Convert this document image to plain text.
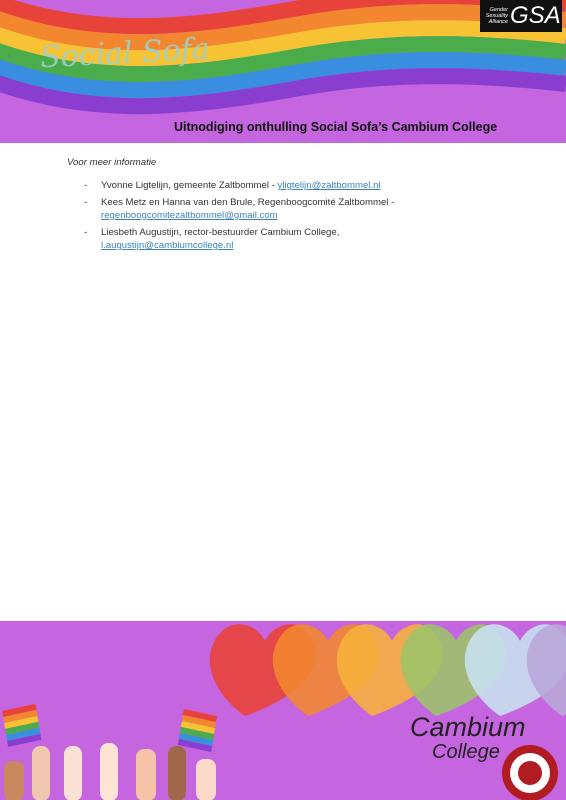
Social Sofa
Gender Sexuality Alliance GSA
Uitnodiging onthulling Social Sofa’s Cambium College
Voor meer informatie
- Yvonne Ligtelijn, gemeente Zaltbommel - yligtelijn@zaltbommel.nl
- Kees Metz en Hanna van den Brule, Regenboogcomité Zaltbommel -
regenboogcomitezaltbommel@gmail.com
- Liesbeth Augustijn, rector-bestuurder Cambium College,
l.augustijn@cambiumcollege.nl
Cambium
College
